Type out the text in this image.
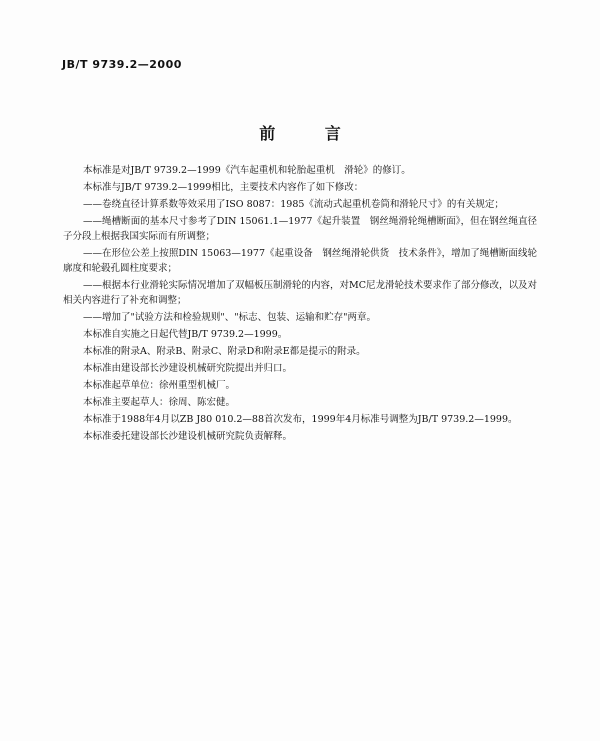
JB/T 9739.2—2000
前 言

本标准是对JB/T 9739.2—1999《汽车起重机和轮胎起重机　滑轮》的修订。

本标准与JB/T 9739.2—1999相比，主要技术内容作了如下修改：

——卷绕直径计算系数等效采用了ISO 8087：1985《流动式起重机卷筒和滑轮尺寸》的有关规定；

——绳槽断面的基本尺寸参考了DIN 15061.1—1977《起升装置　钢丝绳滑轮绳槽断面》，但在钢丝绳直径子分段上根据我国实际而有所调整；

——在形位公差上按照DIN 15063—1977《起重设备　钢丝绳滑轮供货　技术条件》，增加了绳槽断面线轮廓度和轮毂孔圆柱度要求；

——根据本行业滑轮实际情况增加了双幅板压制滑轮的内容，对MC尼龙滑轮技术要求作了部分修改，以及对相关内容进行了补充和调整；

——增加了"试验方法和检验规则"、"标志、包装、运输和贮存"两章。

本标准自实施之日起代替JB/T 9739.2—1999。

本标准的附录A、附录B、附录C、附录D和附录E都是提示的附录。

本标准由建设部长沙建设机械研究院提出并归口。

本标准起草单位：徐州重型机械厂。

本标准主要起草人：徐周、陈宏健。

本标准于1988年4月以ZB J80 010.2—88首次发布，1999年4月标准号调整为JB/T 9739.2—1999。

本标准委托建设部长沙建设机械研究院负责解释。
